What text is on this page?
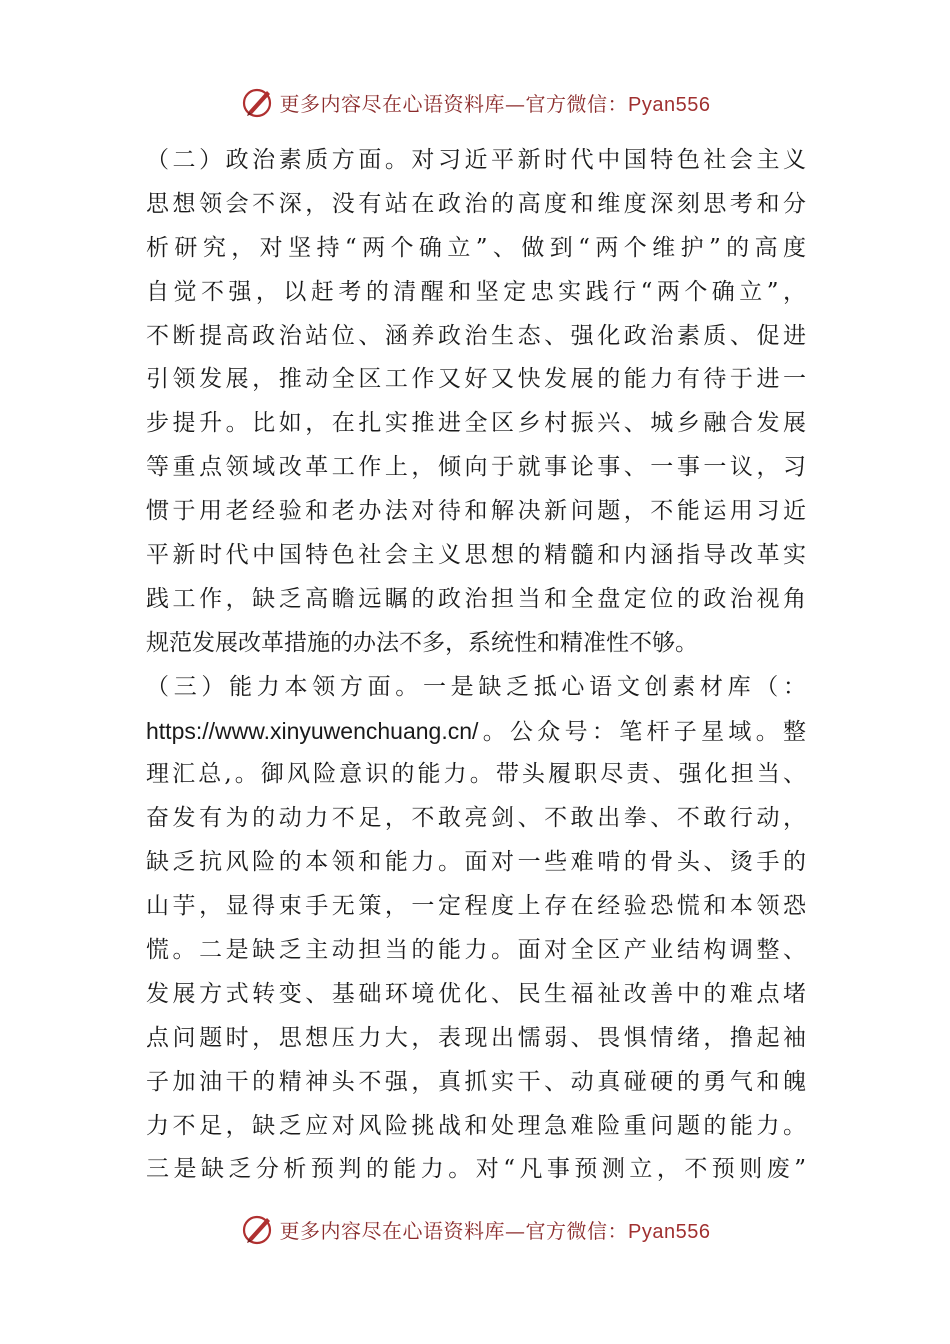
更多内容尽在心语资料库—官方微信：Pyan556
（二）政治素质方面。对习近平新时代中国特色社会主义
思想领会不深，没有站在政治的高度和维度深刻思考和分
析研究，对坚持“两个确立”、做到“两个维护”的高度
自觉不强，以赶考的清醒和坚定忠实践行“两个确立”，
不断提高政治站位、涵养政治生态、强化政治素质、促进
引领发展，推动全区工作又好又快发展的能力有待于进一
步提升。比如，在扎实推进全区乡村振兴、城乡融合发展
等重点领域改革工作上，倾向于就事论事、一事一议，习
惯于用老经验和老办法对待和解决新问题，不能运用习近
平新时代中国特色社会主义思想的精髓和内涵指导改革实
践工作，缺乏高瞻远瞩的政治担当和全盘定位的政治视角
规范发展改革措施的办法不多，系统性和精准性不够。
（三）能力本领方面。一是缺乏抵心语文创素材库（：
https://www.xinyuwenchuang.cn/。公众号：笔杆子星域。整
理汇总,。御风险意识的能力。带头履职尽责、强化担当、
奋发有为的动力不足，不敢亮剑、不敢出拳、不敢行动，
缺乏抗风险的本领和能力。面对一些难啃的骨头、烫手的
山芋，显得束手无策，一定程度上存在经验恐慌和本领恐
慌。二是缺乏主动担当的能力。面对全区产业结构调整、
发展方式转变、基础环境优化、民生福祉改善中的难点堵
点问题时，思想压力大，表现出懦弱、畏惧情绪，撸起袖
子加油干的精神头不强，真抓实干、动真碰硬的勇气和魄
力不足，缺乏应对风险挑战和处理急难险重问题的能力。
三是缺乏分析预判的能力。对“凡事预测立，不预则废”
更多内容尽在心语资料库—官方微信：Pyan556
